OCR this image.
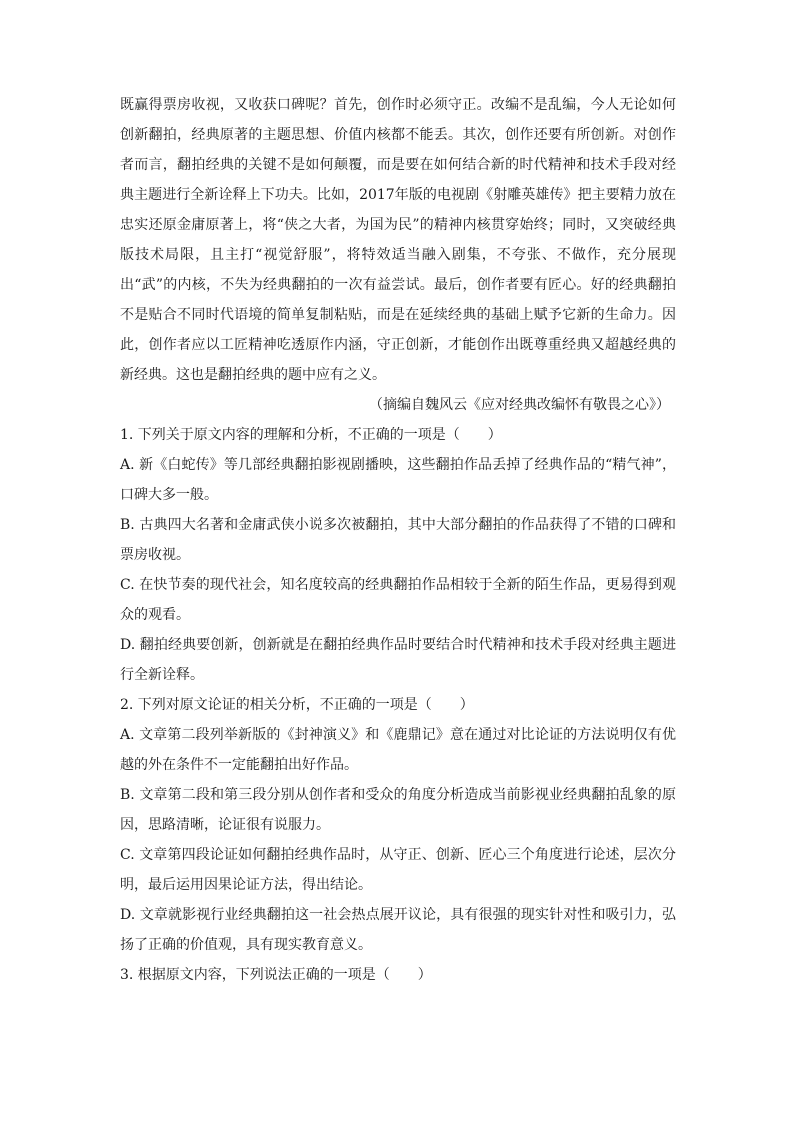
既赢得票房收视，又收获口碑呢？首先，创作时必须守正。改编不是乱编，今人无论如何创新翻拍，经典原著的主题思想、价值内核都不能丢。其次，创作还要有所创新。对创作者而言，翻拍经典的关键不是如何颠覆，而是要在如何结合新的时代精神和技术手段对经典主题进行全新诠释上下功夫。比如，2017年版的电视剧《射雕英雄传》把主要精力放在忠实还原金庸原著上，将“侠之大者，为国为民”的精神内核贯穿始终；同时，又突破经典版技术局限，且主打“视觉舒服”，将特效适当融入剧集，不夸张、不做作，充分展现出“武”的内核，不失为经典翻拍的一次有益尝试。最后，创作者要有匠心。好的经典翻拍不是贴合不同时代语境的简单复制粘贴，而是在延续经典的基础上赋予它新的生命力。因此，创作者应以工匠精神吃透原作内涵，守正创新，才能创作出既尊重经典又超越经典的新经典。这也是翻拍经典的题中应有之义。

（摘编自魏风云《应对经典改编怀有敬畏之心》）

1. 下列关于原文内容的理解和分析，不正确的一项是（　　）

A. 新《白蛇传》等几部经典翻拍影视剧播映，这些翻拍作品丢掉了经典作品的“精气神”，口碑大多一般。

B. 古典四大名著和金庸武侠小说多次被翻拍，其中大部分翻拍的作品获得了不错的口碑和票房收视。

C. 在快节奏的现代社会，知名度较高的经典翻拍作品相较于全新的陌生作品，更易得到观众的观看。

D. 翻拍经典要创新，创新就是在翻拍经典作品时要结合时代精神和技术手段对经典主题进行全新诠释。

2. 下列对原文论证的相关分析，不正确的一项是（　　）

A. 文章第二段列举新版的《封神演义》和《鹿鼎记》意在通过对比论证的方法说明仅有优越的外在条件不一定能翻拍出好作品。

B. 文章第二段和第三段分别从创作者和受众的角度分析造成当前影视业经典翻拍乱象的原因，思路清晰，论证很有说服力。

C. 文章第四段论证如何翻拍经典作品时，从守正、创新、匠心三个角度进行论述，层次分明，最后运用因果论证方法，得出结论。

D. 文章就影视行业经典翻拍这一社会热点展开议论，具有很强的现实针对性和吸引力，弘扬了正确的价值观，具有现实教育意义。

3. 根据原文内容，下列说法正确的一项是（　　）
